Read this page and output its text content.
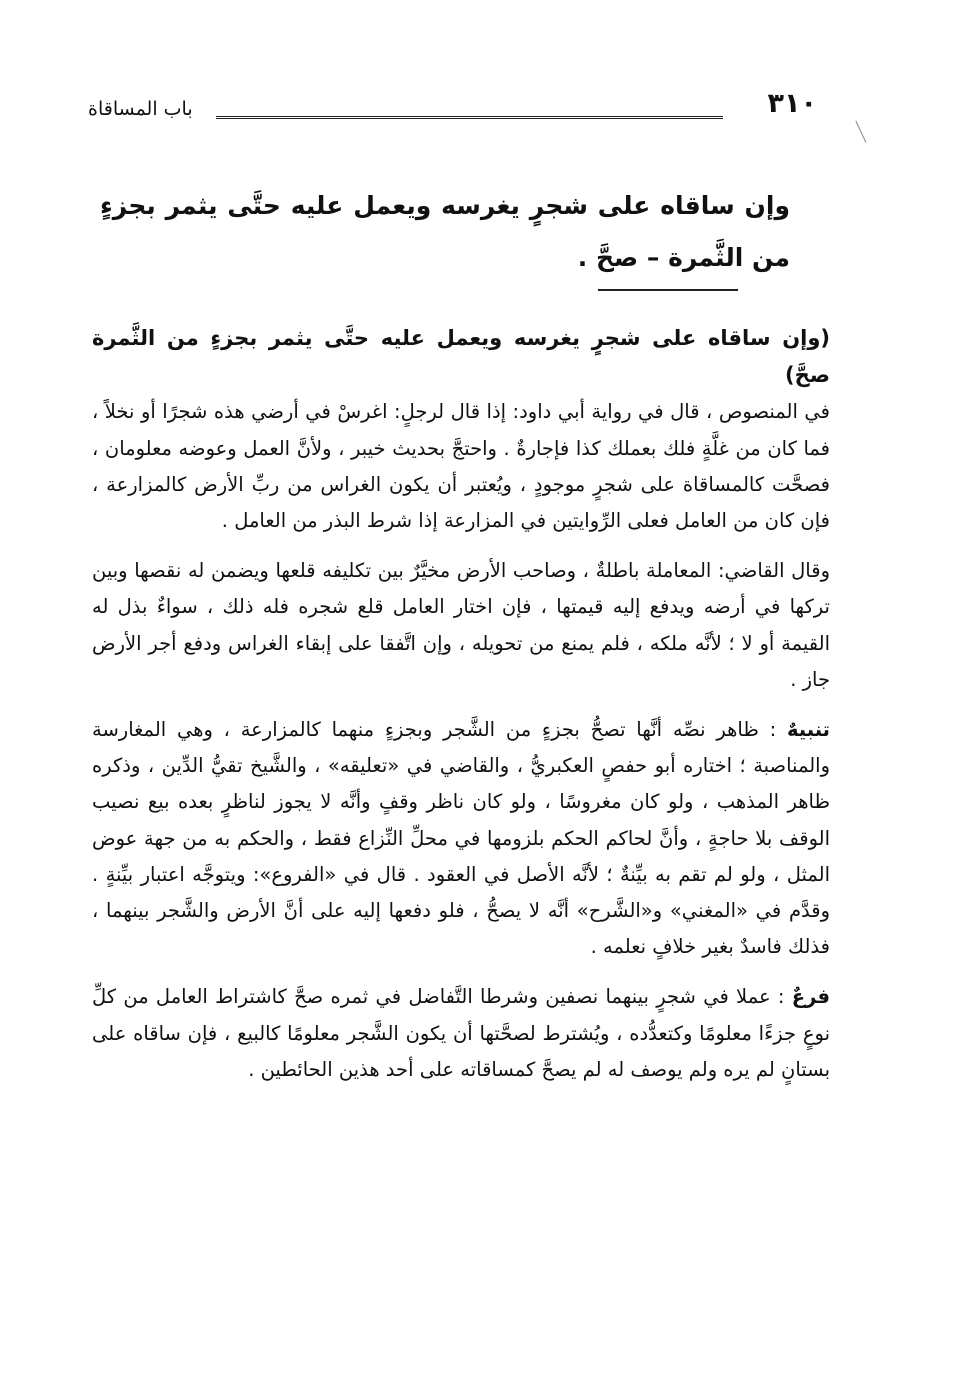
٣١٠
باب المساقاة
وإن ساقاه على شجرٍ يغرسه ويعمل عليه حتَّى يثمر بجزءٍ من الثَّمرة – صحَّ .

(وإن ساقاه على شجرٍ يغرسه ويعمل عليه حتَّى يثمر بجزءٍ من الثَّمرة صحَّ)
في المنصوص ، قال في رواية أبي داود: إذا قال لرجلٍ: اغرسْ في أرضي هذه شجرًا أو نخلاً ، فما كان من غلَّةٍ فلك بعملك كذا فإجارةٌ . واحتجَّ بحديث خيبر ، ولأنَّ العمل وعوضه معلومان ، فصحَّت كالمساقاة على شجرٍ موجودٍ ، ويُعتبر أن يكون الغراس من ربِّ الأرض كالمزارعة ، فإن كان من العامل فعلى الرِّوايتين في المزارعة إذا شرط البذر من العامل .

وقال القاضي: المعاملة باطلةٌ ، وصاحب الأرض مخيَّرٌ بين تكليفه قلعها ويضمن له نقصها وبين تركها في أرضه ويدفع إليه قيمتها ، فإن اختار العامل قلع شجره فله ذلك ، سواءٌ بذل له القيمة أو لا ؛ لأنَّه ملكه ، فلم يمنع من تحويله ، وإن اتَّفقا على إبقاء الغراس ودفع أجر الأرض جاز .

تنبيهٌ : ظاهر نصِّه أنَّها تصحُّ بجزءٍ من الشَّجر وبجزءٍ منهما كالمزارعة ، وهي المغارسة والمناصبة ؛ اختاره أبو حفصٍ العكبريُّ ، والقاضي في «تعليقه» ، والشَّيخ تقيُّ الدِّين ، وذكره ظاهر المذهب ، ولو كان مغروسًا ، ولو كان ناظر وقفٍ وأنَّه لا يجوز لناظرٍ بعده بيع نصيب الوقف بلا حاجةٍ ، وأنَّ لحاكم الحكم بلزومها في محلِّ النِّزاع فقط ، والحكم به من جهة عوض المثل ، ولو لم تقم به بيِّنةٌ ؛ لأنَّه الأصل في العقود . قال في «الفروع»: ويتوجَّه اعتبار بيِّنةٍ . وقدَّم في «المغني» و«الشَّرح» أنَّه لا يصحُّ ، فلو دفعها إليه على أنَّ الأرض والشَّجر بينهما ، فذلك فاسدٌ بغير خلافٍ نعلمه .

فرعٌ : عملا في شجرٍ بينهما نصفين وشرطا التَّفاضل في ثمره صحَّ كاشتراط العامل من كلِّ نوعٍ جزءًا معلومًا وكتعدُّده ، ويُشترط لصحَّتها أن يكون الشَّجر معلومًا كالبيع ، فإن ساقاه على بستانٍ لم يره ولم يوصف له لم يصحَّ كمساقاته على أحد هذين الحائطين .
